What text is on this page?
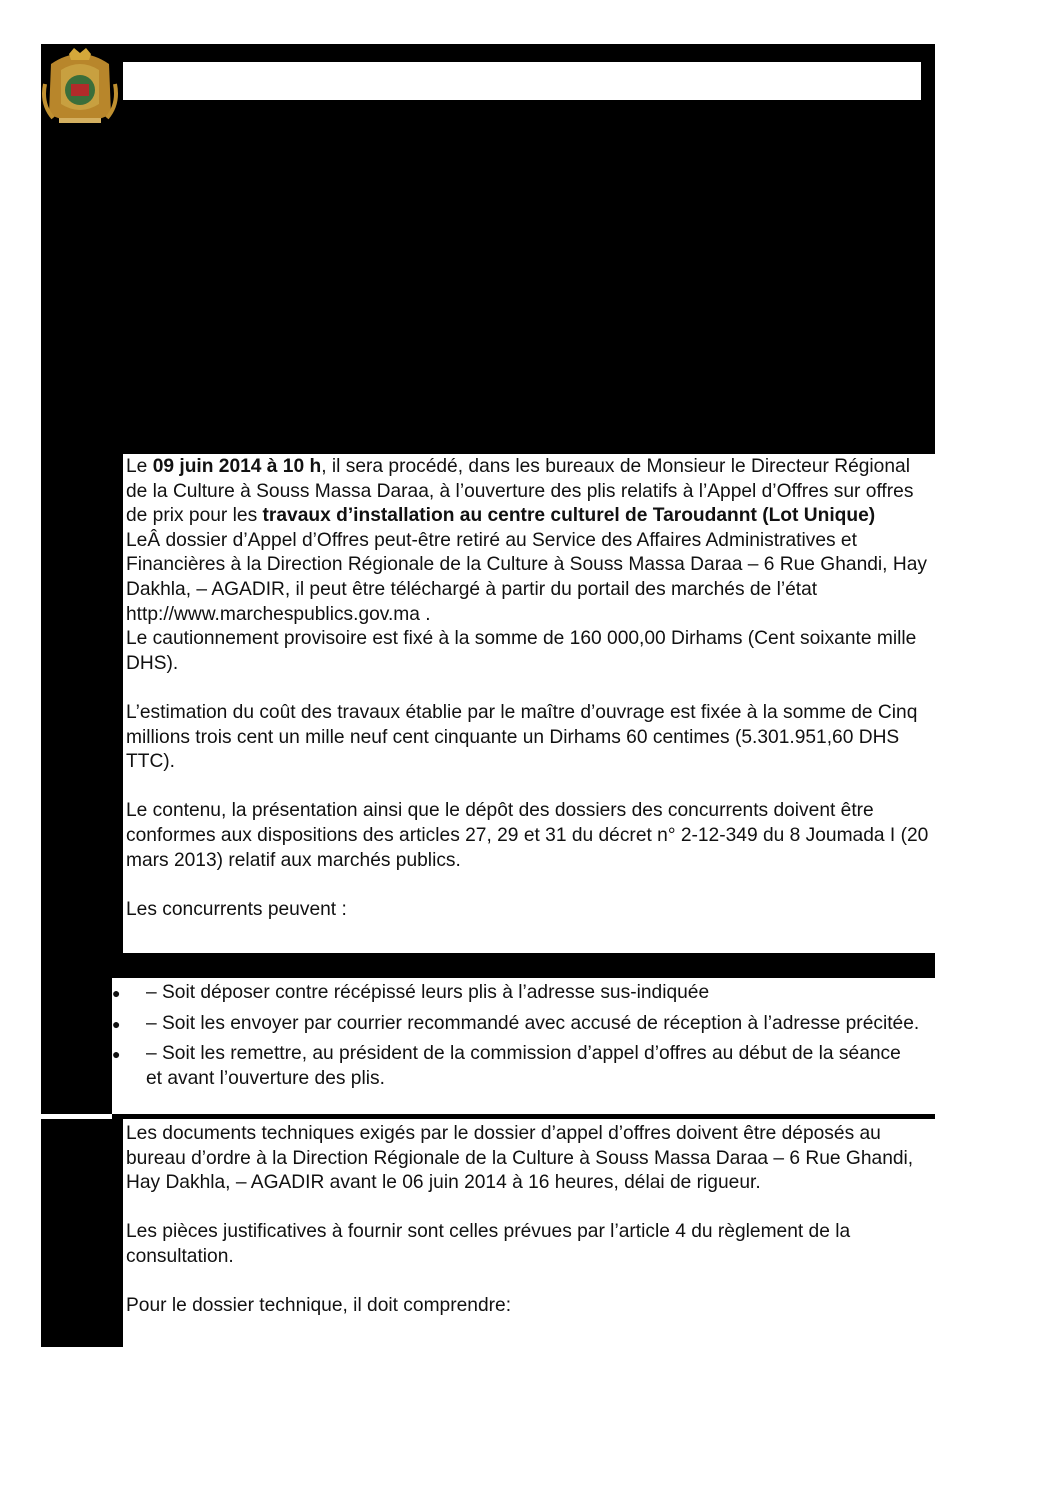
Le 09 juin 2014 à 10 h, il sera procédé, dans les bureaux de Monsieur le Directeur Régional de la Culture à Souss Massa Daraa, à l’ouverture des plis relatifs à l’Appel d’Offres sur offres de prix pour les travaux d’installation au centre culturel de Taroudannt (Lot Unique)

LeÂ dossier d’Appel d’Offres peut-être retiré au Service des Affaires Administratives et Financières à la Direction Régionale de la Culture à Souss Massa Daraa – 6 Rue Ghandi, Hay Dakhla, – AGADIR, il peut être téléchargé à partir du portail des marchés de l’état http://www.marchespublics.gov.ma .

Le cautionnement provisoire est fixé à la somme de 160 000,00 Dirhams (Cent soixante mille DHS).

L’estimation du coût des travaux établie par le maître d’ouvrage est fixée à la somme de Cinq millions trois cent un mille neuf cent cinquante un Dirhams 60 centimes (5.301.951,60 DHS TTC).

Le contenu, la présentation ainsi que le dépôt des dossiers des concurrents doivent être conformes aux dispositions des articles 27, 29 et 31 du décret n° 2-12-349 du 8 Joumada I (20 mars 2013) relatif aux marchés publics.

Les concurrents peuvent :

● – Soit déposer contre récépissé leurs plis à l’adresse sus-indiquée
● – Soit les envoyer par courrier recommandé avec accusé de réception à l’adresse précitée.
● – Soit les remettre, au président de la commission d’appel d’offres au début de la séance et avant l’ouverture des plis.

Les documents techniques exigés par le dossier d’appel d’offres doivent être déposés au bureau d’ordre à la Direction Régionale de la Culture à Souss Massa Daraa – 6 Rue Ghandi, Hay Dakhla, – AGADIR avant le 06 juin 2014 à 16 heures, délai de rigueur.

Les pièces justificatives à fournir sont celles prévues par l’article 4 du règlement de la consultation.

Pour le dossier technique, il doit comprendre:
